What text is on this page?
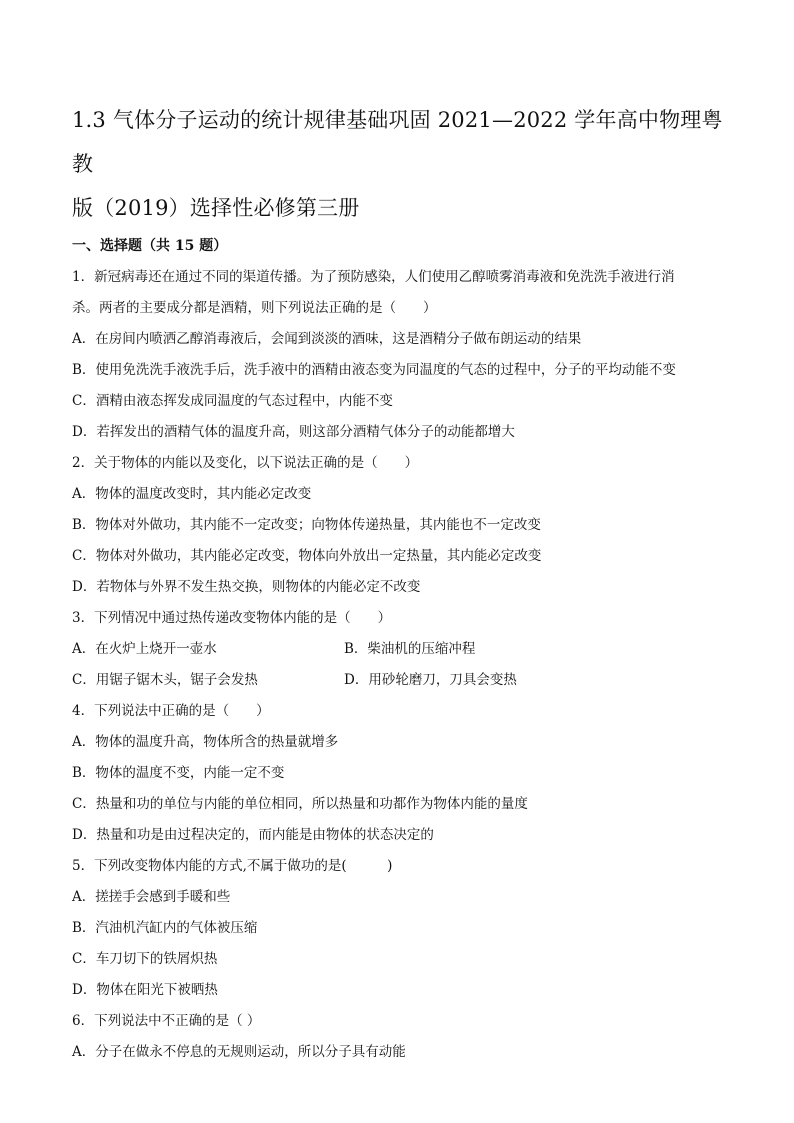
1.3 气体分子运动的统计规律基础巩固 2021—2022 学年高中物理粤教
版（2019）选择性必修第三册
一、选择题（共 15 题）
1．新冠病毒还在通过不同的渠道传播。为了预防感染，人们使用乙醇喷雾消毒液和免洗洗手液进行消
杀。两者的主要成分都是酒精，则下列说法正确的是（　　）
A．在房间内喷洒乙醇消毒液后，会闻到淡淡的酒味，这是酒精分子做布朗运动的结果
B．使用免洗洗手液洗手后，洗手液中的酒精由液态变为同温度的气态的过程中，分子的平均动能不变
C．酒精由液态挥发成同温度的气态过程中，内能不变
D．若挥发出的酒精气体的温度升高，则这部分酒精气体分子的动能都增大
2．关于物体的内能以及变化，以下说法正确的是（　　）
A．物体的温度改变时，其内能必定改变
B．物体对外做功，其内能不一定改变；向物体传递热量，其内能也不一定改变
C．物体对外做功，其内能必定改变，物体向外放出一定热量，其内能必定改变
D．若物体与外界不发生热交换，则物体的内能必定不改变
3．下列情况中通过热传递改变物体内能的是（　　）
A．在火炉上烧开一壶水	B．柴油机的压缩冲程
C．用锯子锯木头，锯子会发热	D．用砂轮磨刀，刀具会变热
4．下列说法中正确的是（　　）
A．物体的温度升高，物体所含的热量就增多
B．物体的温度不变，内能一定不变
C．热量和功的单位与内能的单位相同，所以热量和功都作为物体内能的量度
D．热量和功是由过程决定的，而内能是由物体的状态决定的
5．下列改变物体内能的方式,不属于做功的是(　　　)
A．搓搓手会感到手暖和些
B．汽油机汽缸内的气体被压缩
C．车刀切下的铁屑炽热
D．物体在阳光下被晒热
6．下列说法中不正确的是（ ）
A．分子在做永不停息的无规则运动，所以分子具有动能
